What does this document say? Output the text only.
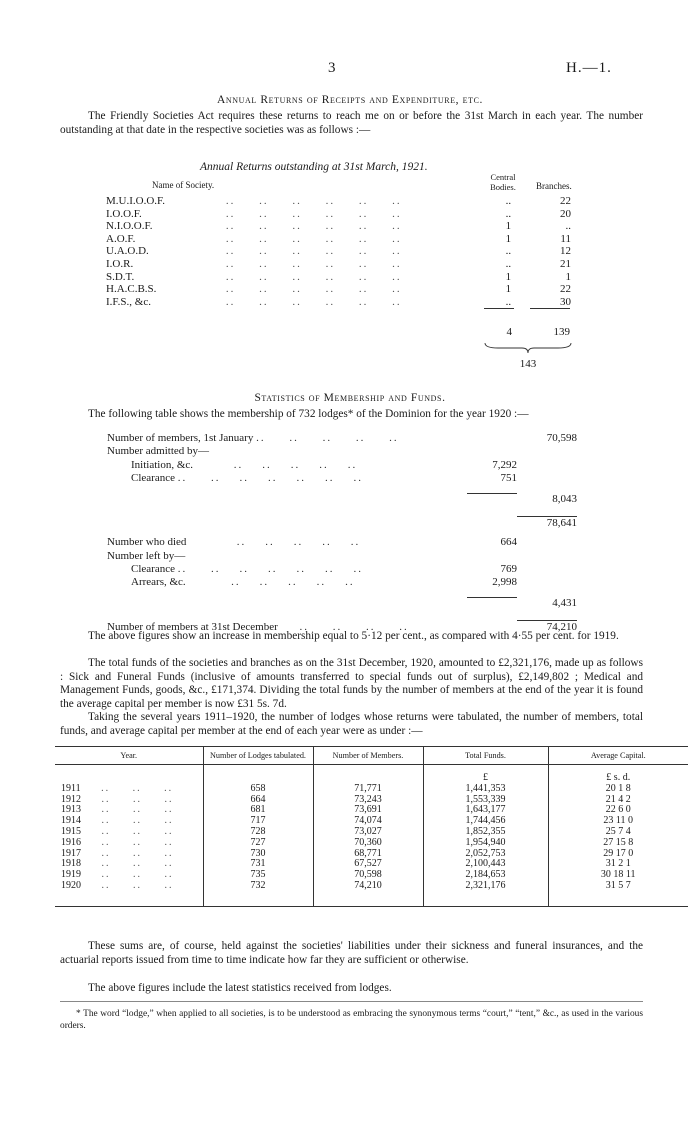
3	H.—1.
Annual Returns of Receipts and Expenditure, etc.
The Friendly Societies Act requires these returns to reach me on or before the 31st March in each year. The number outstanding at that date in the respective societies was as follows :—
Annual Returns outstanding at 31st March, 1921.
Name of Society.
Central Bodies.	Branches.
M.U.I.O.O.F.	..     ..     ..     ..     ..     ..	..	22
I.O.O.F.	..     ..     ..     ..     ..     ..	..	20
N.I.O.O.F.	..     ..     ..     ..     ..     ..	1	..
A.O.F.	..     ..     ..     ..     ..     ..	1	11
U.A.O.D.	..     ..     ..     ..     ..     ..	..	12
I.O.R.	..     ..     ..     ..     ..     ..	..	21
S.D.T.	..     ..     ..     ..     ..     ..	1	1
H.A.C.B.S.	..     ..     ..     ..     ..     ..	1	22
I.F.S., &c.	..     ..     ..     ..     ..     ..	..	30
4	139
143
Statistics of Membership and Funds.
The following table shows the membership of 732 lodges* of the Dominion for the year 1920 :—
Number of members, 1st January ..     ..     ..     ..     ..		70,598
Number admitted by—		
Initiation, &c.         ..    ..    ..    ..    ..	7,292	
Clearance ..     ..    ..    ..    ..    ..    ..	751	

		8,043

		78,641

Number who died           ..    ..    ..    ..    ..	664	
Number left by—		
Clearance ..     ..    ..    ..    ..    ..    ..	769	
Arrears, &c.          ..    ..    ..    ..    ..	2,998	

		4,431

Number of members at 31st December     ..     ..     ..     ..		74,210
The above figures show an increase in membership equal to 5·12 per cent., as compared with 4·55 per cent. for 1919.
The total funds of the societies and branches as on the 31st December, 1920, amounted to £2,321,176, made up as follows : Sick and Funeral Funds (inclusive of amounts transferred to special funds out of surplus), £2,149,802 ; Medical and Management Funds, goods, &c., £171,374. Dividing the total funds by the number of members at the end of the year it is found the average capital per member is now £31 5s. 7d.
Taking the several years 1911–1920, the number of lodges whose returns were tabulated, the number of members, total funds, and average capital per member at the end of each year were as under :—
Year.	Number of Lodges tabulated.	Number of Members.	Total Funds.	Average Capital.
			£	£ s. d.
1911     ..     ..     ..	658	71,771	1,441,353	20 1 8
1912     ..     ..     ..	664	73,243	1,553,339	21 4 2
1913     ..     ..     ..	681	73,691	1,643,177	22 6 0
1914     ..     ..     ..	717	74,074	1,744,456	23 11 0
1915     ..     ..     ..	728	73,027	1,852,355	25 7 4
1916     ..     ..     ..	727	70,360	1,954,940	27 15 8
1917     ..     ..     ..	730	68,771	2,052,753	29 17 0
1918     ..     ..     ..	731	67,527	2,100,443	31 2 1
1919     ..     ..     ..	735	70,598	2,184,653	30 18 11
1920     ..     ..     ..	732	74,210	2,321,176	31 5 7
These sums are, of course, held against the societies' liabilities under their sickness and funeral insurances, and the actuarial reports issued from time to time indicate how far they are sufficient or otherwise.
The above figures include the latest statistics received from lodges.
* The word “lodge,” when applied to all societies, is to be understood as embracing the synonymous terms “court,” “tent,” &c., as used in the various orders.
